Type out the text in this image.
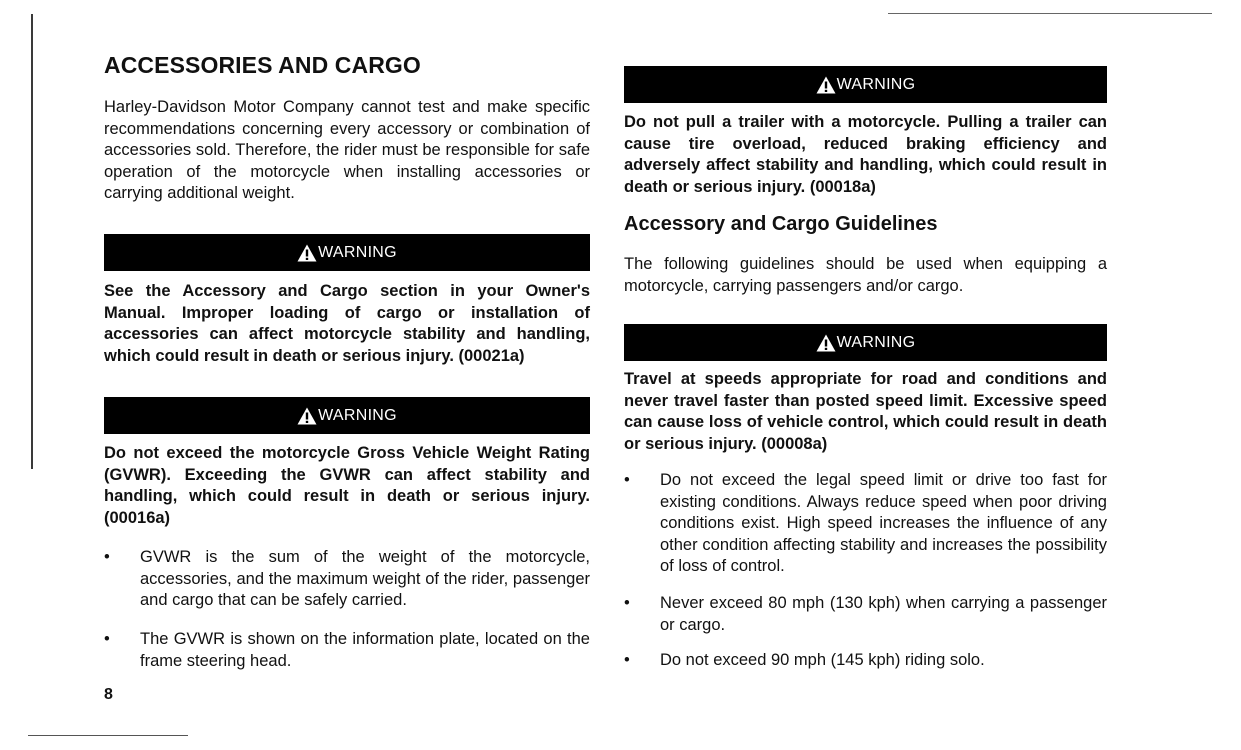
ACCESSORIES AND CARGO

Harley-Davidson Motor Company cannot test and make specific recommendations concerning every accessory or combination of accessories sold. Therefore, the rider must be responsible for safe operation of the motorcycle when installing accessories or carrying additional weight.

WARNING

See the Accessory and Cargo section in your Owner's Manual. Improper loading of cargo or installation of accessories can affect motorcycle stability and handling, which could result in death or serious injury. (00021a)

WARNING

Do not exceed the motorcycle Gross Vehicle Weight Rating (GVWR). Exceeding the GVWR can affect stability and handling, which could result in death or serious injury. (00016a)

•	GVWR is the sum of the weight of the motorcycle, accessories, and the maximum weight of the rider, passenger and cargo that can be safely carried.
•	The GVWR is shown on the information plate, located on the frame steering head.
WARNING

Do not pull a trailer with a motorcycle. Pulling a trailer can cause tire overload, reduced braking efficiency and adversely affect stability and handling, which could result in death or serious injury. (00018a)

Accessory and Cargo Guidelines

The following guidelines should be used when equipping a motorcycle, carrying passengers and/or cargo.

WARNING

Travel at speeds appropriate for road and conditions and never travel faster than posted speed limit. Excessive speed can cause loss of vehicle control, which could result in death or serious injury. (00008a)

•	Do not exceed the legal speed limit or drive too fast for existing conditions. Always reduce speed when poor driving conditions exist. High speed increases the influence of any other condition affecting stability and increases the possibility of loss of control.
•	Never exceed 80 mph (130 kph) when carrying a passenger or cargo.
•	Do not exceed 90 mph (145 kph) riding solo.
8
